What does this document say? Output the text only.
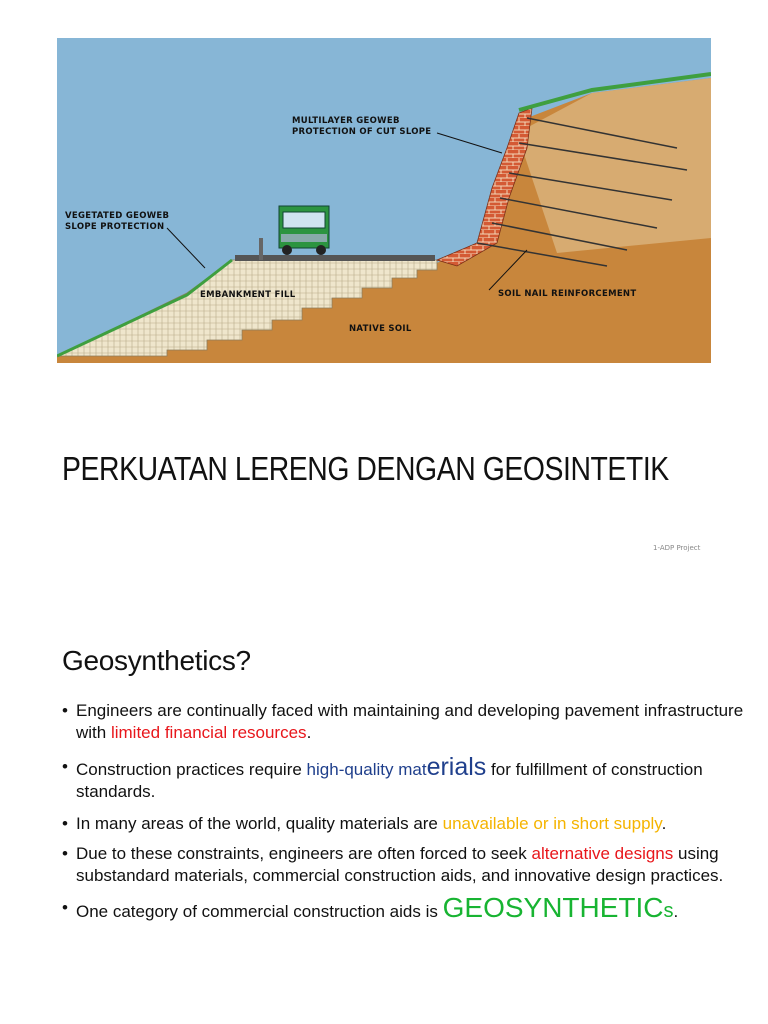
MULTILAYER GEOWEB
PROTECTION OF CUT SLOPE
VEGETATED GEOWEB
SLOPE PROTECTION
EMBANKMENT FILL	SOIL NAIL REINFORCEMENT
NATIVE SOIL
PERKUATAN LERENG DENGAN GEOSINTETIK
1-ADP Project
Geosynthetics?
• Engineers are continually faced with maintaining and developing pavement infrastructure with limited financial resources.
• Construction practices require high-quality materials for fulfillment of construction standards.
• In many areas of the world, quality materials are unavailable or in short supply.
• Due to these constraints, engineers are often forced to seek alternative designs using substandard materials, commercial construction aids, and innovative design practices.
• One category of commercial construction aids is GEOSYNTHETICs.
